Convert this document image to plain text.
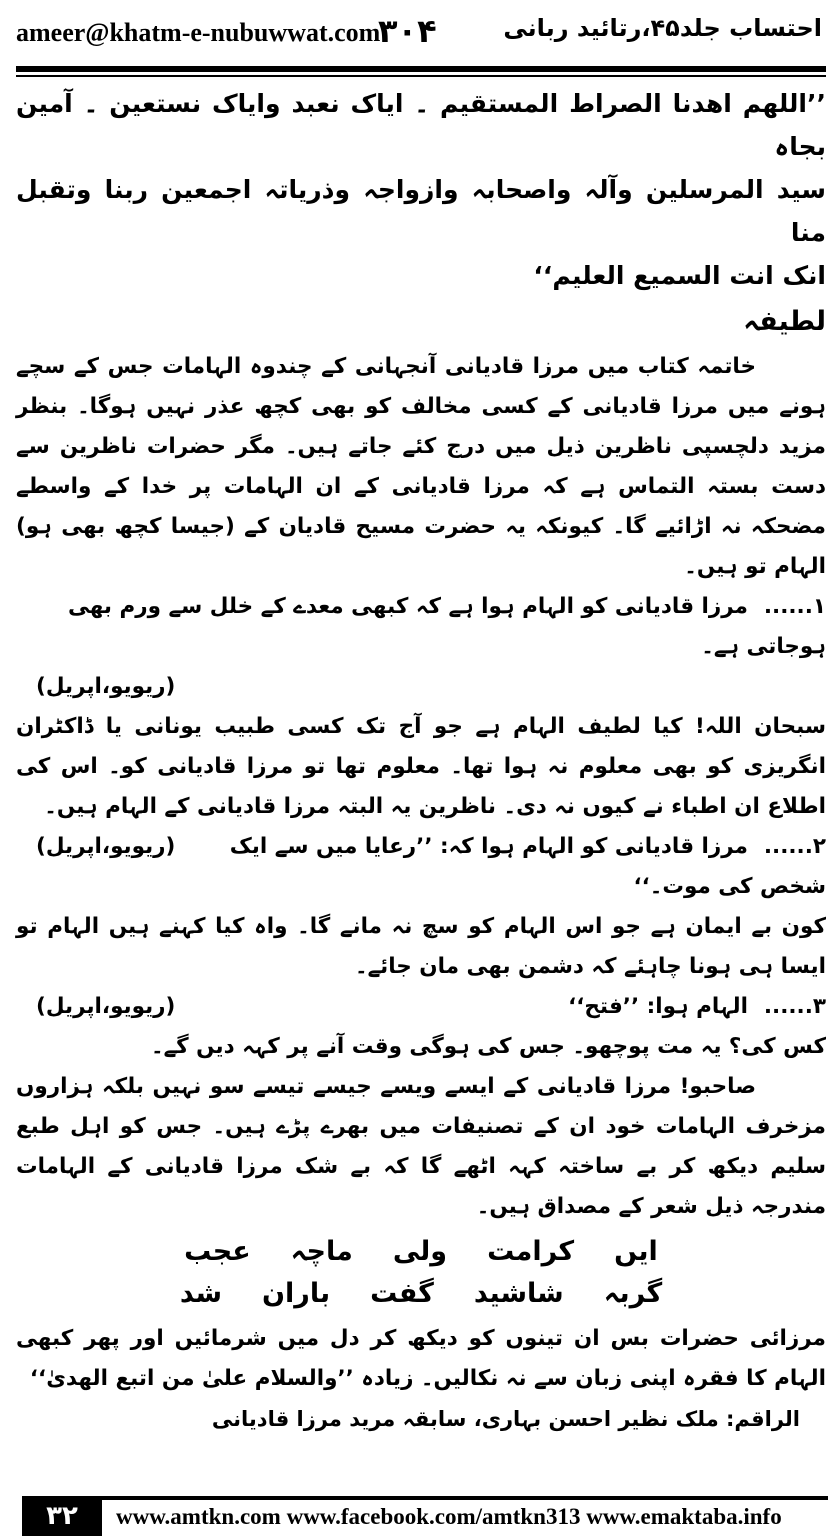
ameer@khatm-e-nubuwwat.com
۳۰۴	احتساب جلد۴۵،رتائید ربانی

’’اللھم اھدنا الصراط المستقیم ۔ ایاک نعبد وایاک نستعین ۔ آمین بجاہ

سید المرسلین وآلہ واصحابہ وازواجہ وذریاتہ اجمعین ربنا وتقبل منا

انک انت السمیع العلیم‘‘

لطیفہ

خاتمہ کتاب میں مرزا قادیانی آنجہانی کے چندوہ الہامات جس کے سچے ہونے میں مرزا قادیانی کے کسی مخالف کو بھی کچھ عذر نہیں ہوگا۔ بنظر مزید دلچسپی ناظرین ذیل میں درج کئے جاتے ہیں۔ مگر حضرات ناظرین سے دست بستہ التماس ہے کہ مرزا قادیانی کے ان الہامات پر خدا کے واسطے مضحکہ نہ اڑائیے گا۔ کیونکہ یہ حضرت مسیح قادیان کے (جیسا کچھ بھی ہو) الہام تو ہیں۔

۱......مرزا قادیانی کو الہام ہوا ہے کہ کبھی معدے کے خلل سے ورم بھی ہوجاتی ہے۔

(ریویو،اپریل)

سبحان اللہ! کیا لطیف الہام ہے جو آج تک کسی طبیب یونانی یا ڈاکٹران انگریزی کو بھی معلوم نہ ہوا تھا۔ معلوم تھا تو مرزا قادیانی کو۔ اس کی اطلاع ان اطباء نے کیوں نہ دی۔ ناظرین یہ البتہ مرزا قادیانی کے الہام ہیں۔

(ریویو،اپریل)	۲......مرزا قادیانی کو الہام ہوا کہ: ’’رعایا میں سے ایک شخص کی موت۔‘‘

کون بے ایمان ہے جو اس الہام کو سچ نہ مانے گا۔ واہ کیا کہنے ہیں الہام تو ایسا ہی ہونا چاہئے کہ دشمن بھی مان جائے۔

(ریویو،اپریل)	۳......الہام ہوا: ’’فتح‘‘

کس کی؟ یہ مت پوچھو۔ جس کی ہوگی وقت آنے پر کہہ دیں گے۔

صاحبو! مرزا قادیانی کے ایسے ویسے جیسے تیسے سو نہیں بلکہ ہزاروں مزخرف الہامات خود ان کے تصنیفات میں بھرے پڑے ہیں۔ جس کو اہل طبع سلیم دیکھ کر بے ساختہ کہہ اٹھے گا کہ بے شک مرزا قادیانی کے الہامات مندرجہ ذیل شعر کے مصداق ہیں۔

ایں
کرامت
ولی
ماچہ
عجب
گربہ
شاشید
گفت
باران
شد

مرزائی حضرات بس ان تینوں کو دیکھ کر دل میں شرمائیں اور پھر کبھی الہام کا فقرہ اپنی زبان سے نہ نکالیں۔ زیادہ ’’والسلام علیٰ من اتبع الھدیٰ‘‘

الراقم: ملک نظیر احسن بہاری، سابقہ مرید مرزا قادیانی

۳۲	www.amtkn.com www.facebook.com/amtkn313 www.emaktaba.info
